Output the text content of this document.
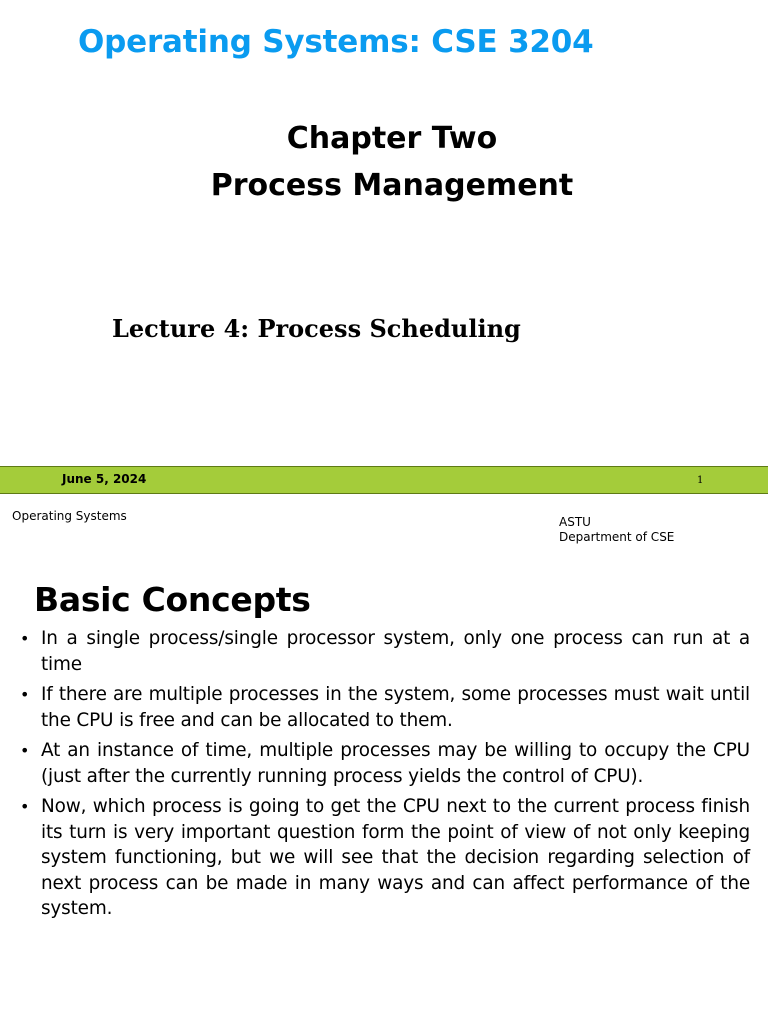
Operating Systems: CSE 3204
Chapter Two
Process Management
Lecture 4: Process Scheduling
June 5, 2024	1
Operating Systems	ASTU
Department of CSE
Basic Concepts
• In a single process/single processor system, only one process can run at a time
• If there are multiple processes in the system, some processes must wait until the CPU is free and can be allocated to them.
• At an instance of time, multiple processes may be willing to occupy the CPU (just after the currently running process yields the control of CPU).
• Now, which process is going to get the CPU next to the current process finish its turn is very important question form the point of view of not only keeping system functioning, but we will see that the decision regarding selection of next process can be made in many ways and can affect performance of the system.
